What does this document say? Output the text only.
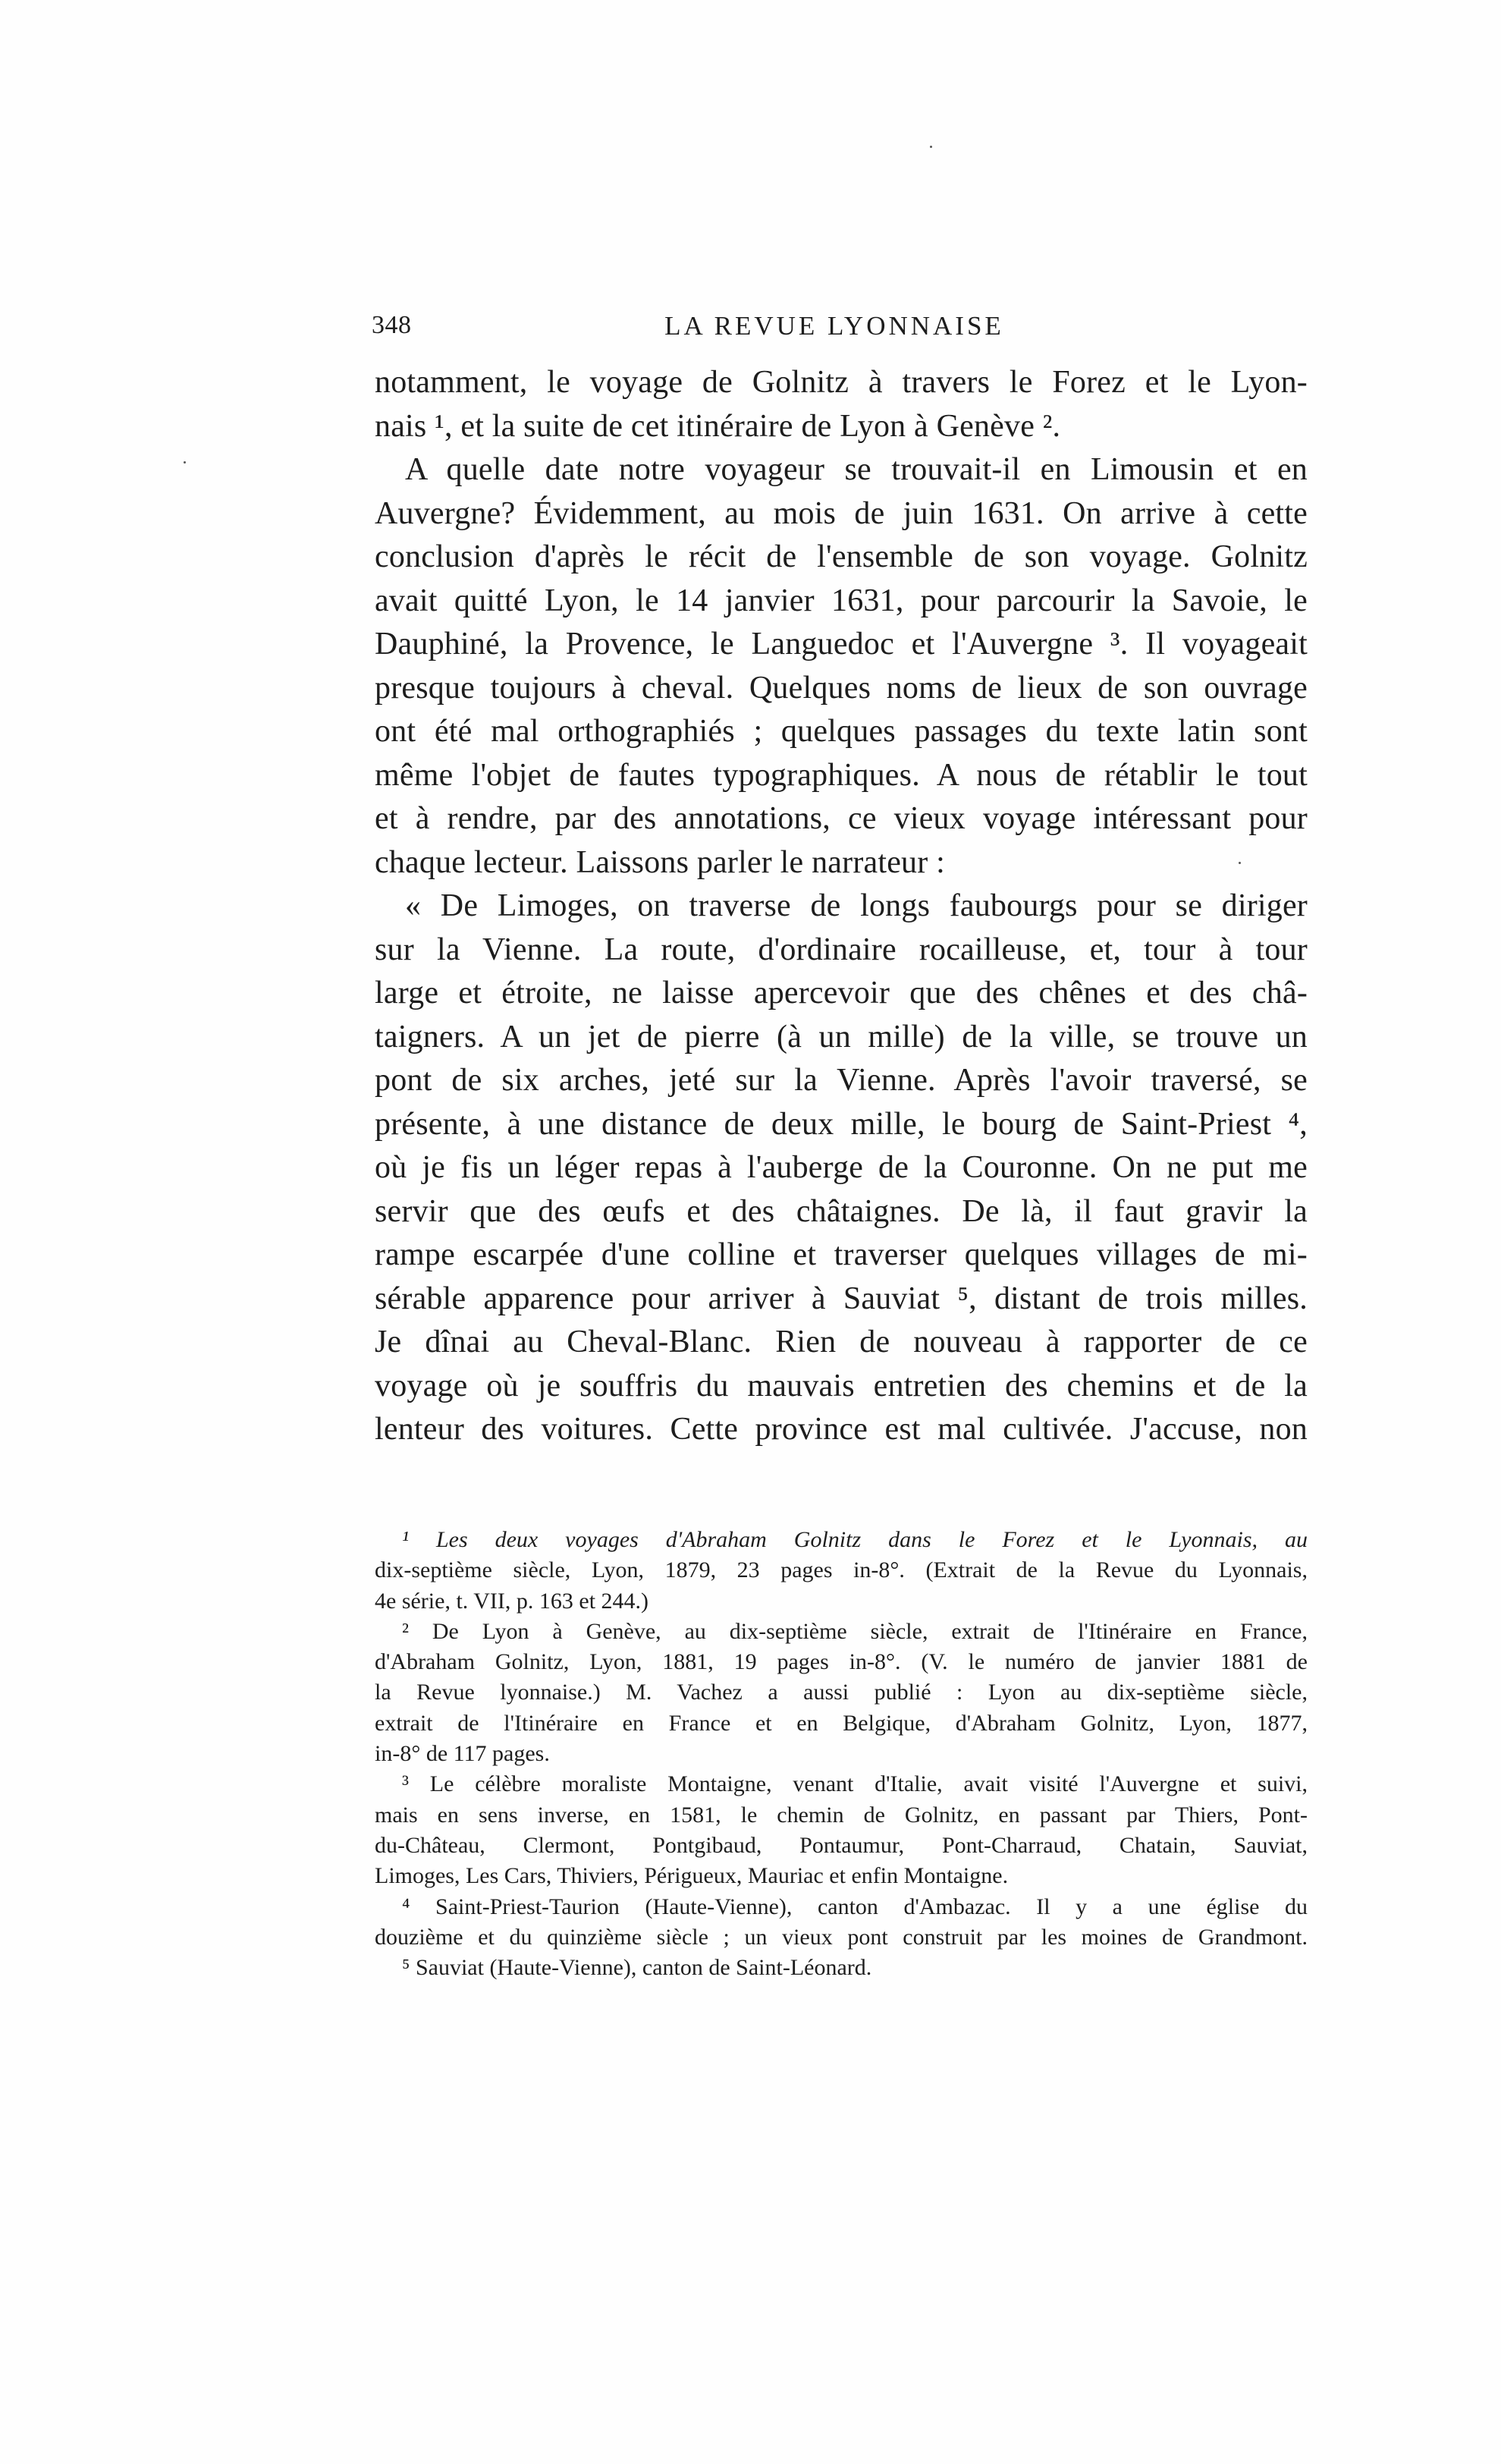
348	LA REVUE LYONNAISE
notamment, le voyage de Golnitz à travers le Forez et le Lyon-
nais ¹, et la suite de cet itinéraire de Lyon à Genève ².
A quelle date notre voyageur se trouvait-il en Limousin et en
Auvergne? Évidemment, au mois de juin 1631. On arrive à cette
conclusion d'après le récit de l'ensemble de son voyage. Golnitz
avait quitté Lyon, le 14 janvier 1631, pour parcourir la Savoie, le
Dauphiné, la Provence, le Languedoc et l'Auvergne ³. Il voyageait
presque toujours à cheval. Quelques noms de lieux de son ouvrage
ont été mal orthographiés ; quelques passages du texte latin sont
même l'objet de fautes typographiques. A nous de rétablir le tout
et à rendre, par des annotations, ce vieux voyage intéressant pour
chaque lecteur. Laissons parler le narrateur :
« De Limoges, on traverse de longs faubourgs pour se diriger
sur la Vienne. La route, d'ordinaire rocailleuse, et, tour à tour
large et étroite, ne laisse apercevoir que des chênes et des châ-
taigners. A un jet de pierre (à un mille) de la ville, se trouve un
pont de six arches, jeté sur la Vienne. Après l'avoir traversé, se
présente, à une distance de deux mille, le bourg de Saint-Priest ⁴,
où je fis un léger repas à l'auberge de la Couronne. On ne put me
servir que des œufs et des châtaignes. De là, il faut gravir la
rampe escarpée d'une colline et traverser quelques villages de mi-
sérable apparence pour arriver à Sauviat ⁵, distant de trois milles.
Je dînai au Cheval-Blanc. Rien de nouveau à rapporter de ce
voyage où je souffris du mauvais entretien des chemins et de la
lenteur des voitures. Cette province est mal cultivée. J'accuse, non
¹ Les deux voyages d'Abraham Golnitz dans le Forez et le Lyonnais, au
dix-septième siècle, Lyon, 1879, 23 pages in-8°. (Extrait de la Revue du Lyonnais,
4e série, t. VII, p. 163 et 244.)
² De Lyon à Genève, au dix-septième siècle, extrait de l'Itinéraire en France,
d'Abraham Golnitz, Lyon, 1881, 19 pages in-8°. (V. le numéro de janvier 1881 de
la Revue lyonnaise.) M. Vachez a aussi publié : Lyon au dix-septième siècle,
extrait de l'Itinéraire en France et en Belgique, d'Abraham Golnitz, Lyon, 1877,
in-8° de 117 pages.
³ Le célèbre moraliste Montaigne, venant d'Italie, avait visité l'Auvergne et suivi,
mais en sens inverse, en 1581, le chemin de Golnitz, en passant par Thiers, Pont-
du-Château, Clermont, Pontgibaud, Pontaumur, Pont-Charraud, Chatain, Sauviat,
Limoges, Les Cars, Thiviers, Périgueux, Mauriac et enfin Montaigne.
⁴ Saint-Priest-Taurion (Haute-Vienne), canton d'Ambazac. Il y a une église du
douzième et du quinzième siècle ; un vieux pont construit par les moines de Grandmont.
⁵ Sauviat (Haute-Vienne), canton de Saint-Léonard.
